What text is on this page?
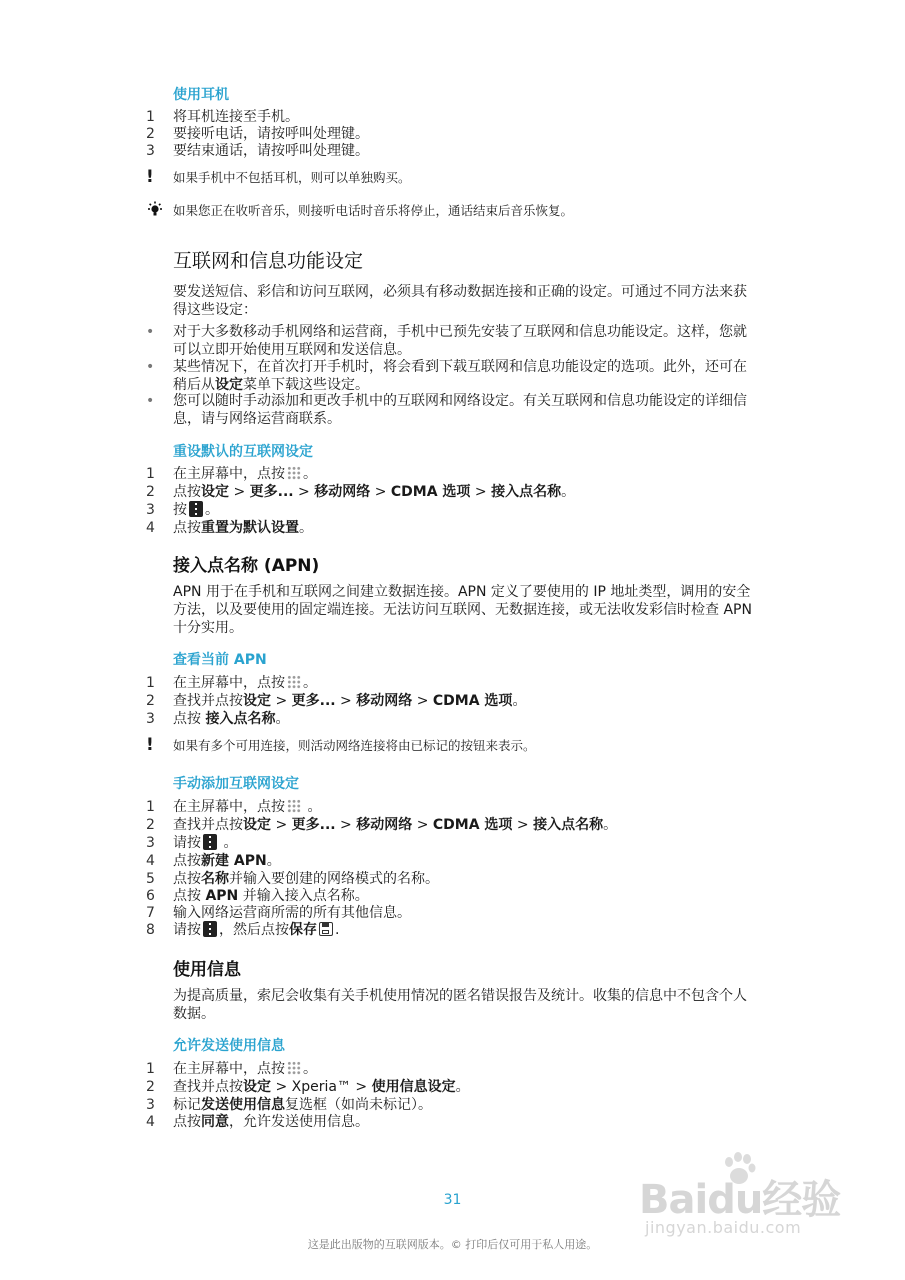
使用耳机
1 将耳机连接至手机。
2 要接听电话，请按呼叫处理键。
3 要结束通话，请按呼叫处理键。
! 如果手机中不包括耳机，则可以单独购买。
如果您正在收听音乐，则接听电话时音乐将停止，通话结束后音乐恢复。
互联网和信息功能设定
要发送短信、彩信和访问互联网，必须具有移动数据连接和正确的设定。可通过不同方法来获得这些设定：
•	对于大多数移动手机网络和运营商，手机中已预先安装了互联网和信息功能设定。这样，您就可以立即开始使用互联网和发送信息。
•	某些情况下，在首次打开手机时，将会看到下载互联网和信息功能设定的选项。此外，还可在稍后从设定菜单下载这些设定。
•	您可以随时手动添加和更改手机中的互联网和网络设定。有关互联网和信息功能设定的详细信息，请与网络运营商联系。
重设默认的互联网设定
1 在主屏幕中，点按 。
2 点按设定 > 更多... > 移动网络 > CDMA 选项 > 接入点名称。
3 按 。
4 点按重置为默认设置。
接入点名称 (APN)
APN 用于在手机和互联网之间建立数据连接。APN 定义了要使用的 IP 地址类型，调用的安全方法，以及要使用的固定端连接。无法访问互联网、无数据连接，或无法收发彩信时检查 APN 十分实用。
查看当前 APN
1 在主屏幕中，点按 。
2 查找并点按设定 > 更多... > 移动网络 > CDMA 选项。
3 点按 接入点名称。
! 如果有多个可用连接，则活动网络连接将由已标记的按钮来表示。
手动添加互联网设定
1 在主屏幕中，点按 。
2 查找并点按设定 > 更多... > 移动网络 > CDMA 选项 > 接入点名称。
3 请按 。
4 点按新建 APN。
5 点按名称并输入要创建的网络模式的名称。
6 点按 APN 并输入接入点名称。
7 输入网络运营商所需的所有其他信息。
8 请按 ，然后点按保存 .
使用信息
为提高质量，索尼会收集有关手机使用情况的匿名错误报告及统计。收集的信息中不包含个人数据。
允许发送使用信息
1 在主屏幕中，点按 。
2 查找并点按设定 > Xperia™ > 使用信息设定。
3 标记发送使用信息复选框（如尚未标记）。
4 点按同意，允许发送使用信息。
31
这是此出版物的互联网版本。© 打印后仅可用于私人用途。
Baidu经验
jingyan.baidu.com
